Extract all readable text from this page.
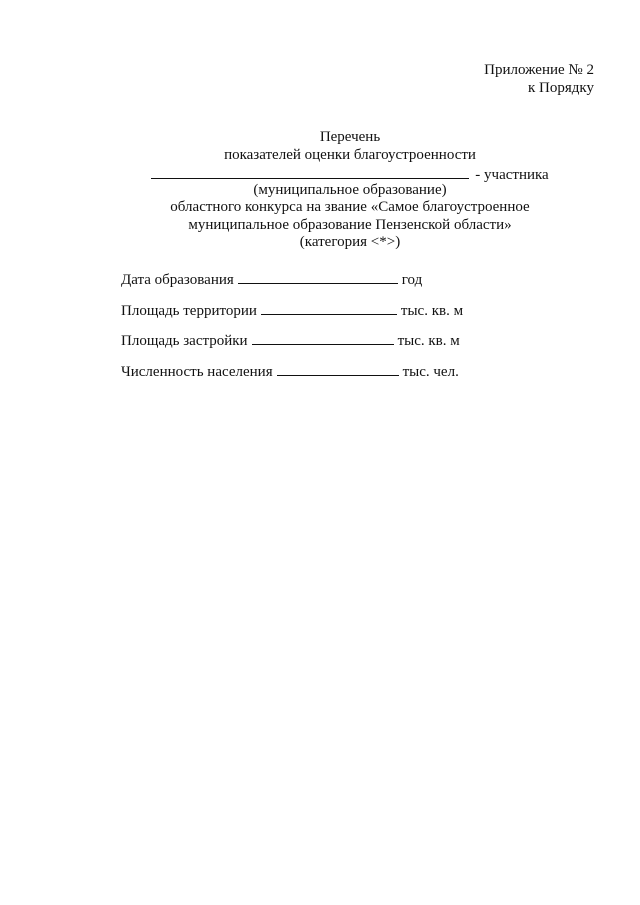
Приложение № 2
к Порядку
Перечень
показателей оценки благоустроенности
- участника
(муниципальное образование)
областного конкурса на звание «Самое благоустроенное
муниципальное образование Пензенской области»
(категория <*>)
Дата образования	год
Площадь территории	тыс. кв. м
Площадь застройки	тыс. кв. м
Численность населения	тыс. чел.
